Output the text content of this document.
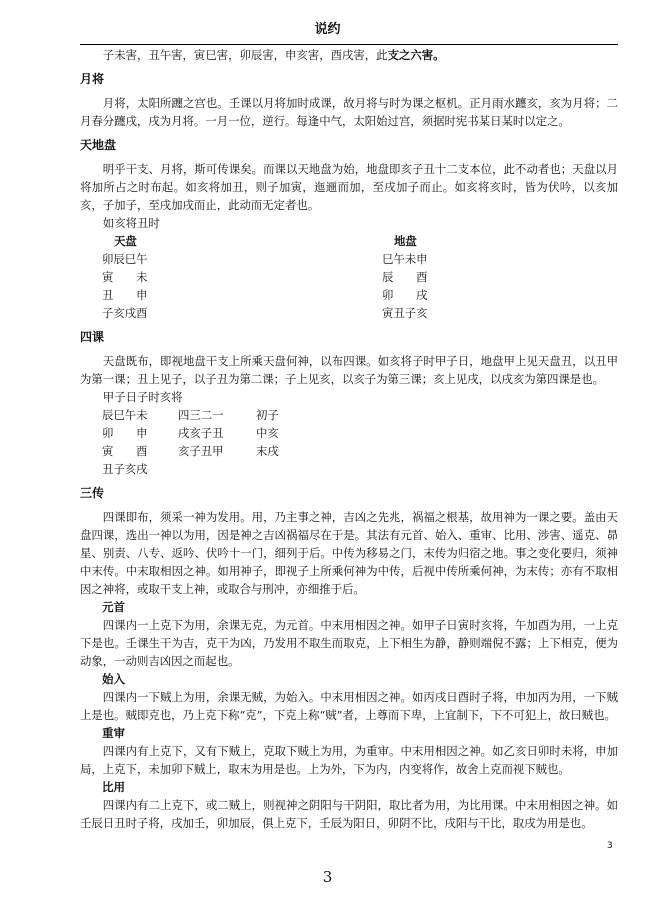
说约

子未害，丑午害，寅巳害，卯辰害，申亥害，酉戌害，此支之六害。

月将

月将，太阳所躔之宫也。壬课以月将加时成课，故月将与时为课之枢机。正月雨水躔亥，亥为月将；二月春分躔戌，戌为月将。一月一位，逆行。每逢中气，太阳始过宫，须据时宪书某日某时以定之。

天地盘

明乎干支、月将，斯可传课矣。而课以天地盘为始，地盘即亥子丑十二支本位，此不动者也；天盘以月将加所占之时布起。如亥将加丑，则子加寅，迤逦而加，至戌加子而止。如亥将亥时，皆为伏吟，以亥加亥，子加子，至戌加戌而止，此动而无定者也。

如亥将丑时

天盘	地盘
卯辰巳午	巳午未申
寅　　未	辰　　酉
丑　　申	卯　　戌
子亥戌酉	寅丑子亥
四课

天盘既布，即视地盘干支上所乘天盘何神，以布四课。如亥将子时甲子日，地盘甲上见天盘丑，以丑甲为第一课；丑上见子，以子丑为第二课；子上见亥，以亥子为第三课；亥上见戌，以戌亥为第四课是也。

甲子日子时亥将

辰巳午未	四三二一	初子
卯　　申	戌亥子丑	中亥
寅　　酉	亥子丑甲	末戌
丑子亥戌
三传

四课即布，须采一神为发用。用，乃主事之神，吉凶之先兆，祸福之根基，故用神为一课之要。盖由天盘四课，选出一神以为用，因是神之吉凶祸福尽在于是。其法有元首、始入、重审、比用、涉害、遥克、昴星、别责、八专、返吟、伏吟十一门，细列于后。中传为移易之门，末传为归宿之地。事之变化要归，须神中末传。中末取相因之神。如用神子，即视子上所乘何神为中传，后视中传所乘何神，为末传；亦有不取相因之神将，或取干支上神，或取合与刑冲，亦细推于后。

元首

四课内一上克下为用，余课无克，为元首。中末用相因之神。如甲子日寅时亥将，午加酉为用，一上克下是也。壬课生干为吉，克干为凶，乃发用不取生而取克，上下相生为静，静则端倪不露；上下相克，便为动象，一动则吉凶因之而起也。

始入

四课内一下贼上为用，余课无贼，为始入。中末用相因之神。如丙戌日酉时子将，申加丙为用，一下贼上是也。贼即克也，乃上克下称“克”，下克上称“贼”者，上尊而下卑，上宜制下，下不可犯上，故曰贼也。

重审

四课内有上克下，又有下贼上，克取下贼上为用，为重审。中末用相因之神。如乙亥日卯时未将，申加局，上克下，未加卯下贼上，取末为用是也。上为外，下为内，内变将作，故舍上克而视下贼也。

比用

四课内有二上克下，或二贼上，则视神之阴阳与干阴阳，取比者为用，为比用课。中末用相因之神。如壬辰日丑时子将，戌加壬，卯加辰，俱上克下，壬辰为阳日，卯阴不比，戌阳与干比，取戌为用是也。

3
3
